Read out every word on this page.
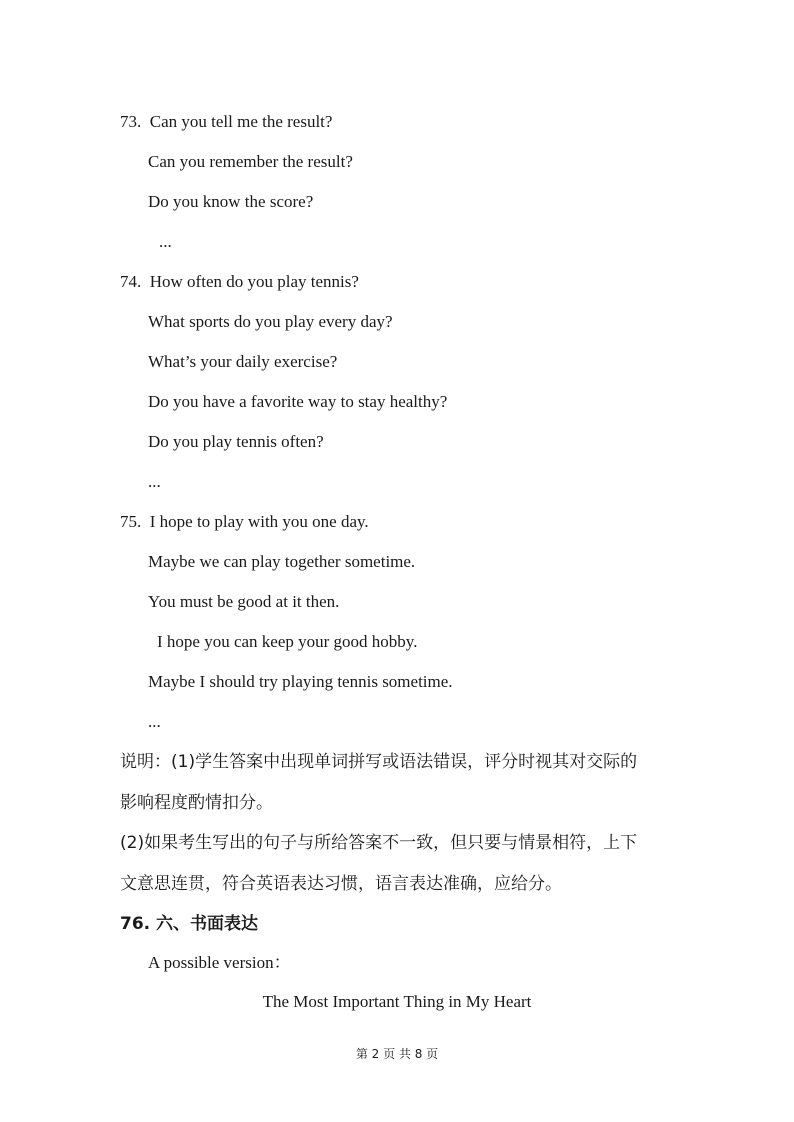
73. Can you tell me the result?
Can you remember the result?
Do you know the score?
...
74. How often do you play tennis?
What sports do you play every day?
What’s your daily exercise?
Do you have a favorite way to stay healthy?
Do you play tennis often?
...
75. I hope to play with you one day.
Maybe we can play together sometime.
You must be good at it then.
I hope you can keep your good hobby.
Maybe I should try playing tennis sometime.
...
说明：(1)学生答案中出现单词拼写或语法错误，评分时视其对交际的
影响程度酌情扣分。
(2)如果考生写出的句子与所给答案不一致，但只要与情景相符，上下
文意思连贯，符合英语表达习惯，语言表达准确，应给分。
76. 六、书面表达
A possible version：
The Most Important Thing in My Heart
第 2 页 共 8 页
